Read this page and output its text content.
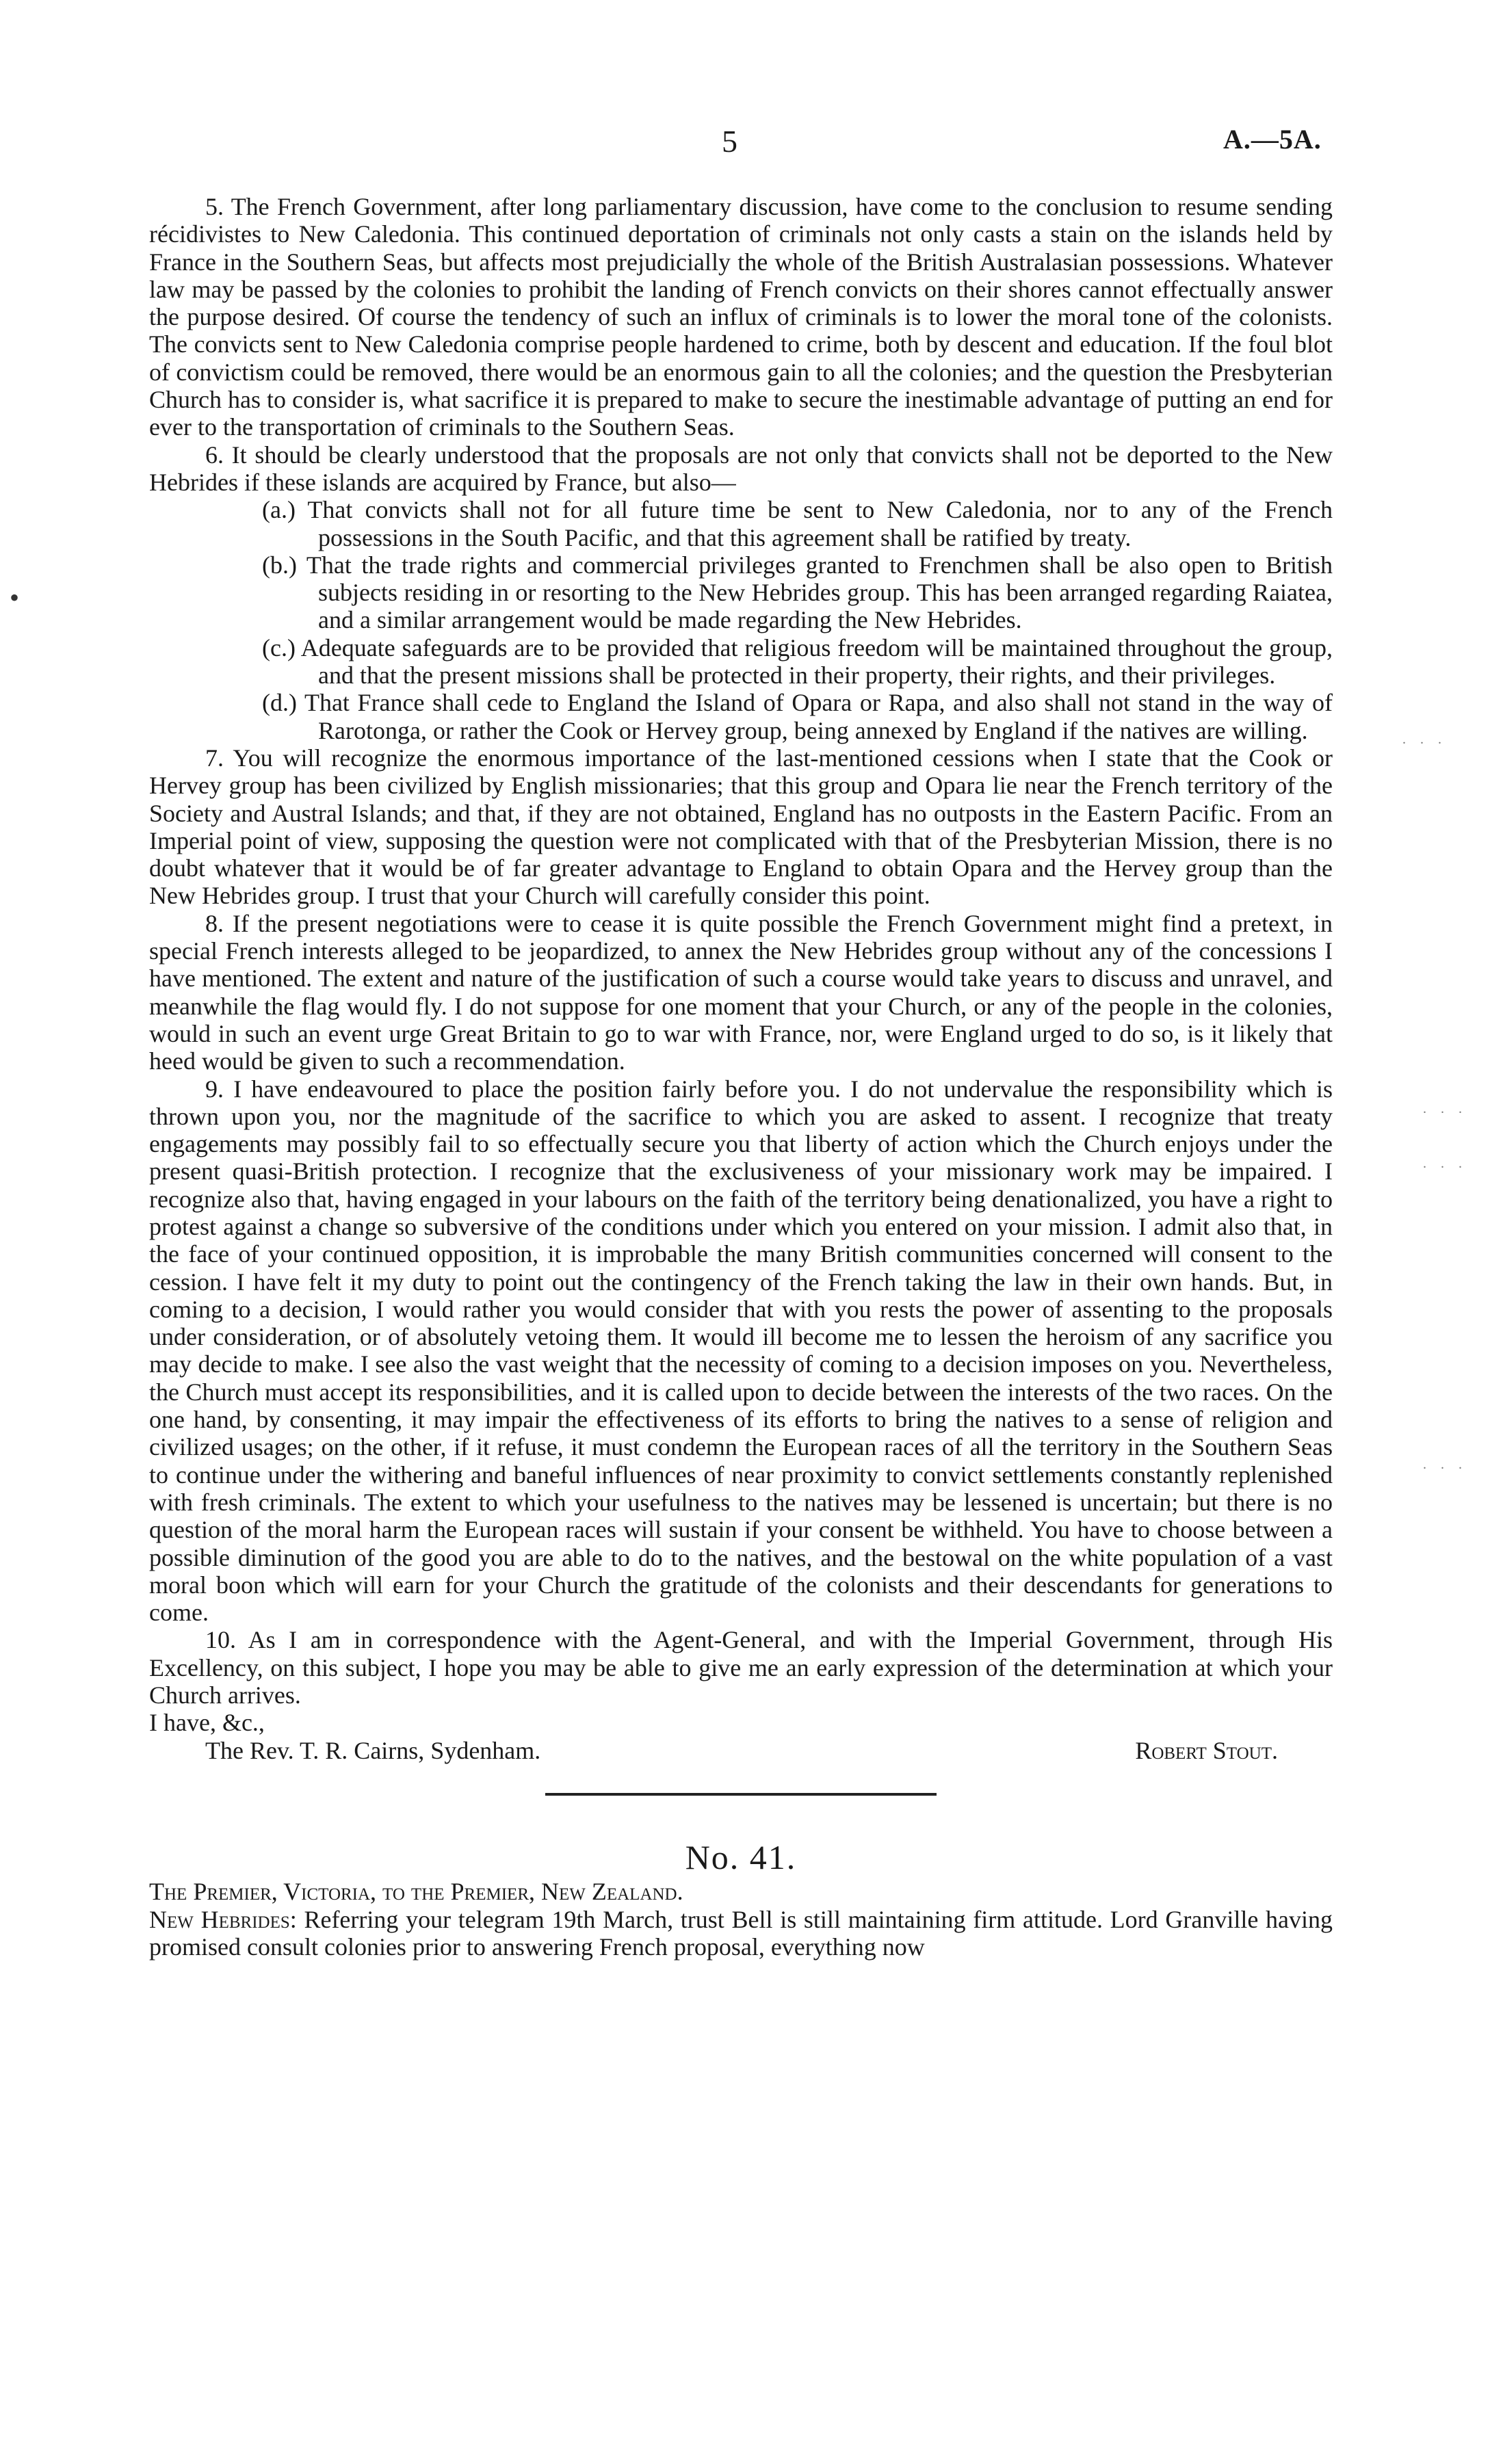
5	A.—5A.
•
. . .
. . .
. . .
. . .

5. The French Government, after long parliamentary discussion, have come to the conclusion to resume sending récidivistes to New Caledonia. This continued deportation of criminals not only casts a stain on the islands held by France in the Southern Seas, but affects most prejudicially the whole of the British Australasian possessions. Whatever law may be passed by the colonies to prohibit the landing of French convicts on their shores cannot effectually answer the purpose desired. Of course the tendency of such an influx of criminals is to lower the moral tone of the colonists. The convicts sent to New Caledonia comprise people hardened to crime, both by descent and education. If the foul blot of convictism could be removed, there would be an enormous gain to all the colonies; and the question the Presbyterian Church has to consider is, what sacrifice it is prepared to make to secure the inestimable advantage of putting an end for ever to the transportation of criminals to the Southern Seas.

6. It should be clearly understood that the proposals are not only that convicts shall not be deported to the New Hebrides if these islands are acquired by France, but also—

(a.) That convicts shall not for all future time be sent to New Caledonia, nor to any of the French possessions in the South Pacific, and that this agreement shall be ratified by treaty.

(b.) That the trade rights and commercial privileges granted to Frenchmen shall be also open to British subjects residing in or resorting to the New Hebrides group. This has been arranged regarding Raiatea, and a similar arrangement would be made regarding the New Hebrides.

(c.) Adequate safeguards are to be provided that religious freedom will be maintained throughout the group, and that the present missions shall be protected in their property, their rights, and their privileges.

(d.) That France shall cede to England the Island of Opara or Rapa, and also shall not stand in the way of Rarotonga, or rather the Cook or Hervey group, being annexed by England if the natives are willing.

7. You will recognize the enormous importance of the last-mentioned cessions when I state that the Cook or Hervey group has been civilized by English missionaries; that this group and Opara lie near the French territory of the Society and Austral Islands; and that, if they are not obtained, England has no outposts in the Eastern Pacific. From an Imperial point of view, supposing the question were not complicated with that of the Presbyterian Mission, there is no doubt whatever that it would be of far greater advantage to England to obtain Opara and the Hervey group than the New Hebrides group. I trust that your Church will carefully consider this point.

8. If the present negotiations were to cease it is quite possible the French Government might find a pretext, in special French interests alleged to be jeopardized, to annex the New Hebrides group without any of the concessions I have mentioned. The extent and nature of the justification of such a course would take years to discuss and unravel, and meanwhile the flag would fly. I do not suppose for one moment that your Church, or any of the people in the colonies, would in such an event urge Great Britain to go to war with France, nor, were England urged to do so, is it likely that heed would be given to such a recommendation.

9. I have endeavoured to place the position fairly before you. I do not undervalue the responsibility which is thrown upon you, nor the magnitude of the sacrifice to which you are asked to assent. I recognize that treaty engagements may possibly fail to so effectually secure you that liberty of action which the Church enjoys under the present quasi-British protection. I recognize that the exclusiveness of your missionary work may be impaired. I recognize also that, having engaged in your labours on the faith of the territory being denationalized, you have a right to protest against a change so subversive of the conditions under which you entered on your mission. I admit also that, in the face of your continued opposition, it is improbable the many British communities concerned will consent to the cession. I have felt it my duty to point out the contingency of the French taking the law in their own hands. But, in coming to a decision, I would rather you would consider that with you rests the power of assenting to the proposals under consideration, or of absolutely vetoing them. It would ill become me to lessen the heroism of any sacrifice you may decide to make. I see also the vast weight that the necessity of coming to a decision imposes on you. Nevertheless, the Church must accept its responsibilities, and it is called upon to decide between the interests of the two races. On the one hand, by consenting, it may impair the effectiveness of its efforts to bring the natives to a sense of religion and civilized usages; on the other, if it refuse, it must condemn the European races of all the territory in the Southern Seas to continue under the withering and baneful influences of near proximity to convict settlements constantly replenished with fresh criminals. The extent to which your usefulness to the natives may be lessened is uncertain; but there is no question of the moral harm the European races will sustain if your consent be withheld. You have to choose between a possible diminution of the good you are able to do to the natives, and the bestowal on the white population of a vast moral boon which will earn for your Church the gratitude of the colonists and their descendants for generations to come.

10. As I am in correspondence with the Agent-General, and with the Imperial Government, through His Excellency, on this subject, I hope you may be able to give me an early expression of the determination at which your Church arrives.

I have, &c.,

The Rev. T. R. Cairns, Sydenham.	Robert Stout.
No. 41.

The Premier, Victoria, to the Premier, New Zealand.

New Hebrides: Referring your telegram 19th March, trust Bell is still maintaining firm attitude. Lord Granville having promised consult colonies prior to answering French proposal, everything now
